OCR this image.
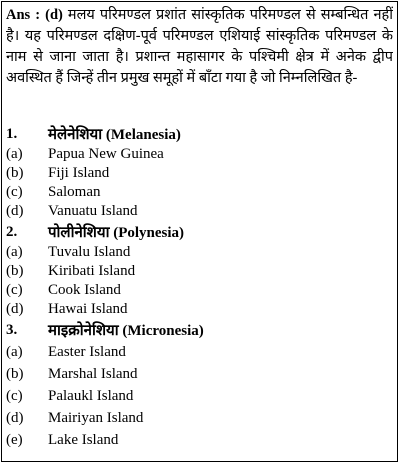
Ans : (d) मलय परिमण्डल प्रशांत सांस्कृतिक परिमण्डल से सम्बन्धित नहीं है। यह परिमण्डल दक्षिण-पूर्व परिमण्डल एशियाई सांस्कृतिक परिमण्डल के नाम से जाना जाता है। प्रशान्त महासागर के पश्चिमी क्षेत्र में अनेक द्वीप अवस्थित हैं जिन्हें तीन प्रमुख समूहों में बाँटा गया है जो निम्नलिखित है-

1.	मेलेनेशिया (Melanesia)
(a)	Papua New Guinea
(b)	Fiji Island
(c)	Saloman
(d)	Vanuatu Island
2.	पोलीनेशिया (Polynesia)
(a)	Tuvalu Island
(b)	Kiribati Island
(c)	Cook Island
(d)	Hawai Island
3.	माइक्रोनेशिया (Micronesia)
(a)	Easter Island
(b)	Marshal Island
(c)	Palaukl Island
(d)	Mairiyan Island
(e)	Lake Island
